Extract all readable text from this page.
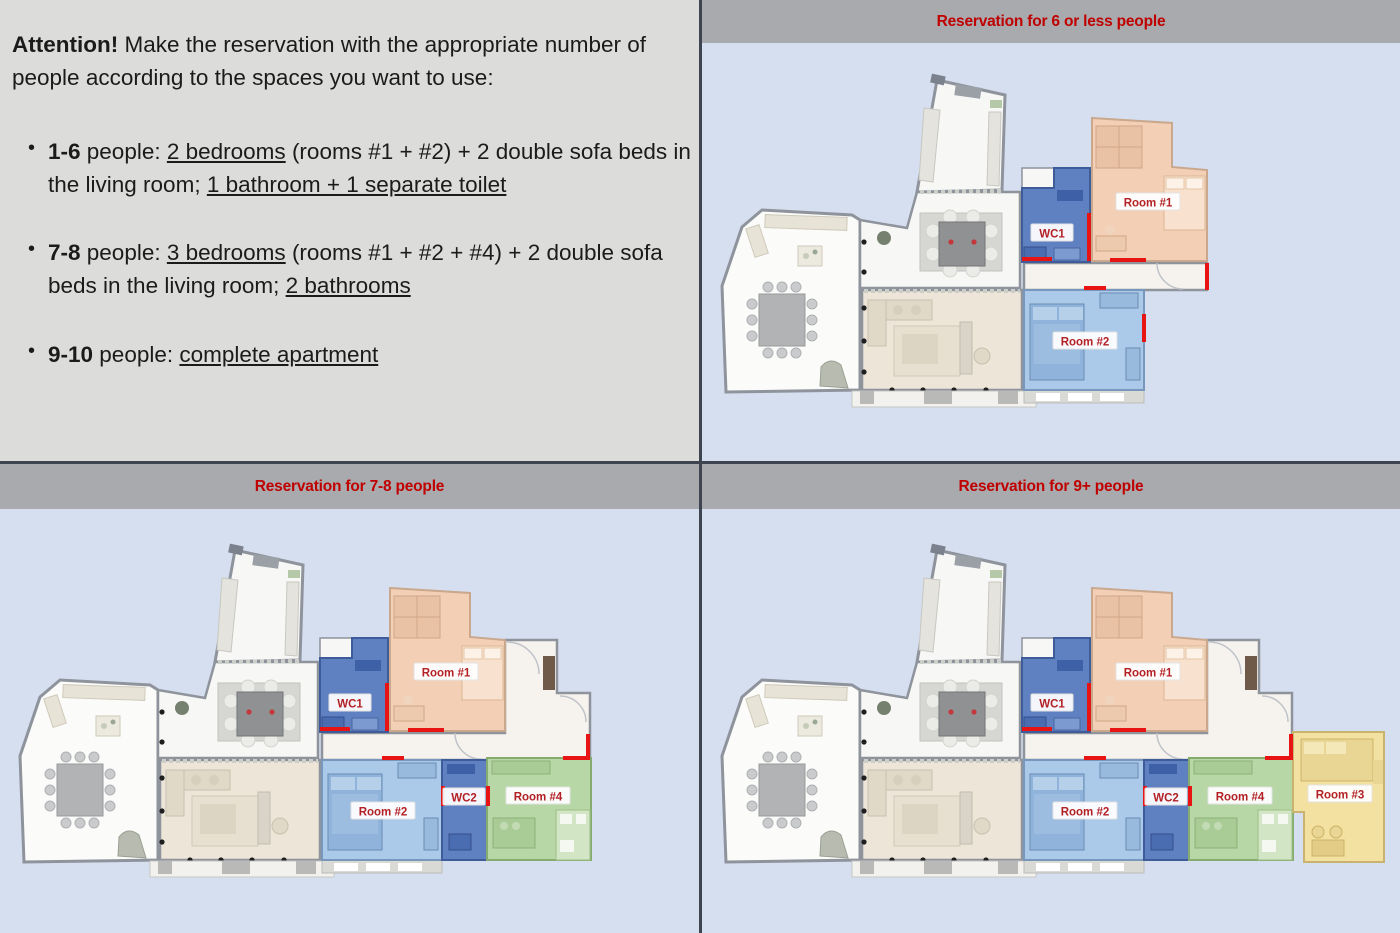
Attention! Make the reservation with the appropriate number of people according to the spaces you want to use:

• 1-6 people: 2 bedrooms (rooms #1 + #2) + 2 double sofa beds in the living room; 1 bathroom + 1 separate toilet
• 7-8 people: 3 bedrooms (rooms #1 + #2 + #4) + 2 double sofa beds in the living room; 2 bathrooms
• 9-10 people: complete apartment
Reservation for 6 or less people
Room #1
WC1
Room #2
Reservation for 7-8 people
Room #1
WC1
Room #2
WC2	Room #4
Reservation for 9+ people
Room #1
WC1
Room #2
WC2	Room #4	Room #3
